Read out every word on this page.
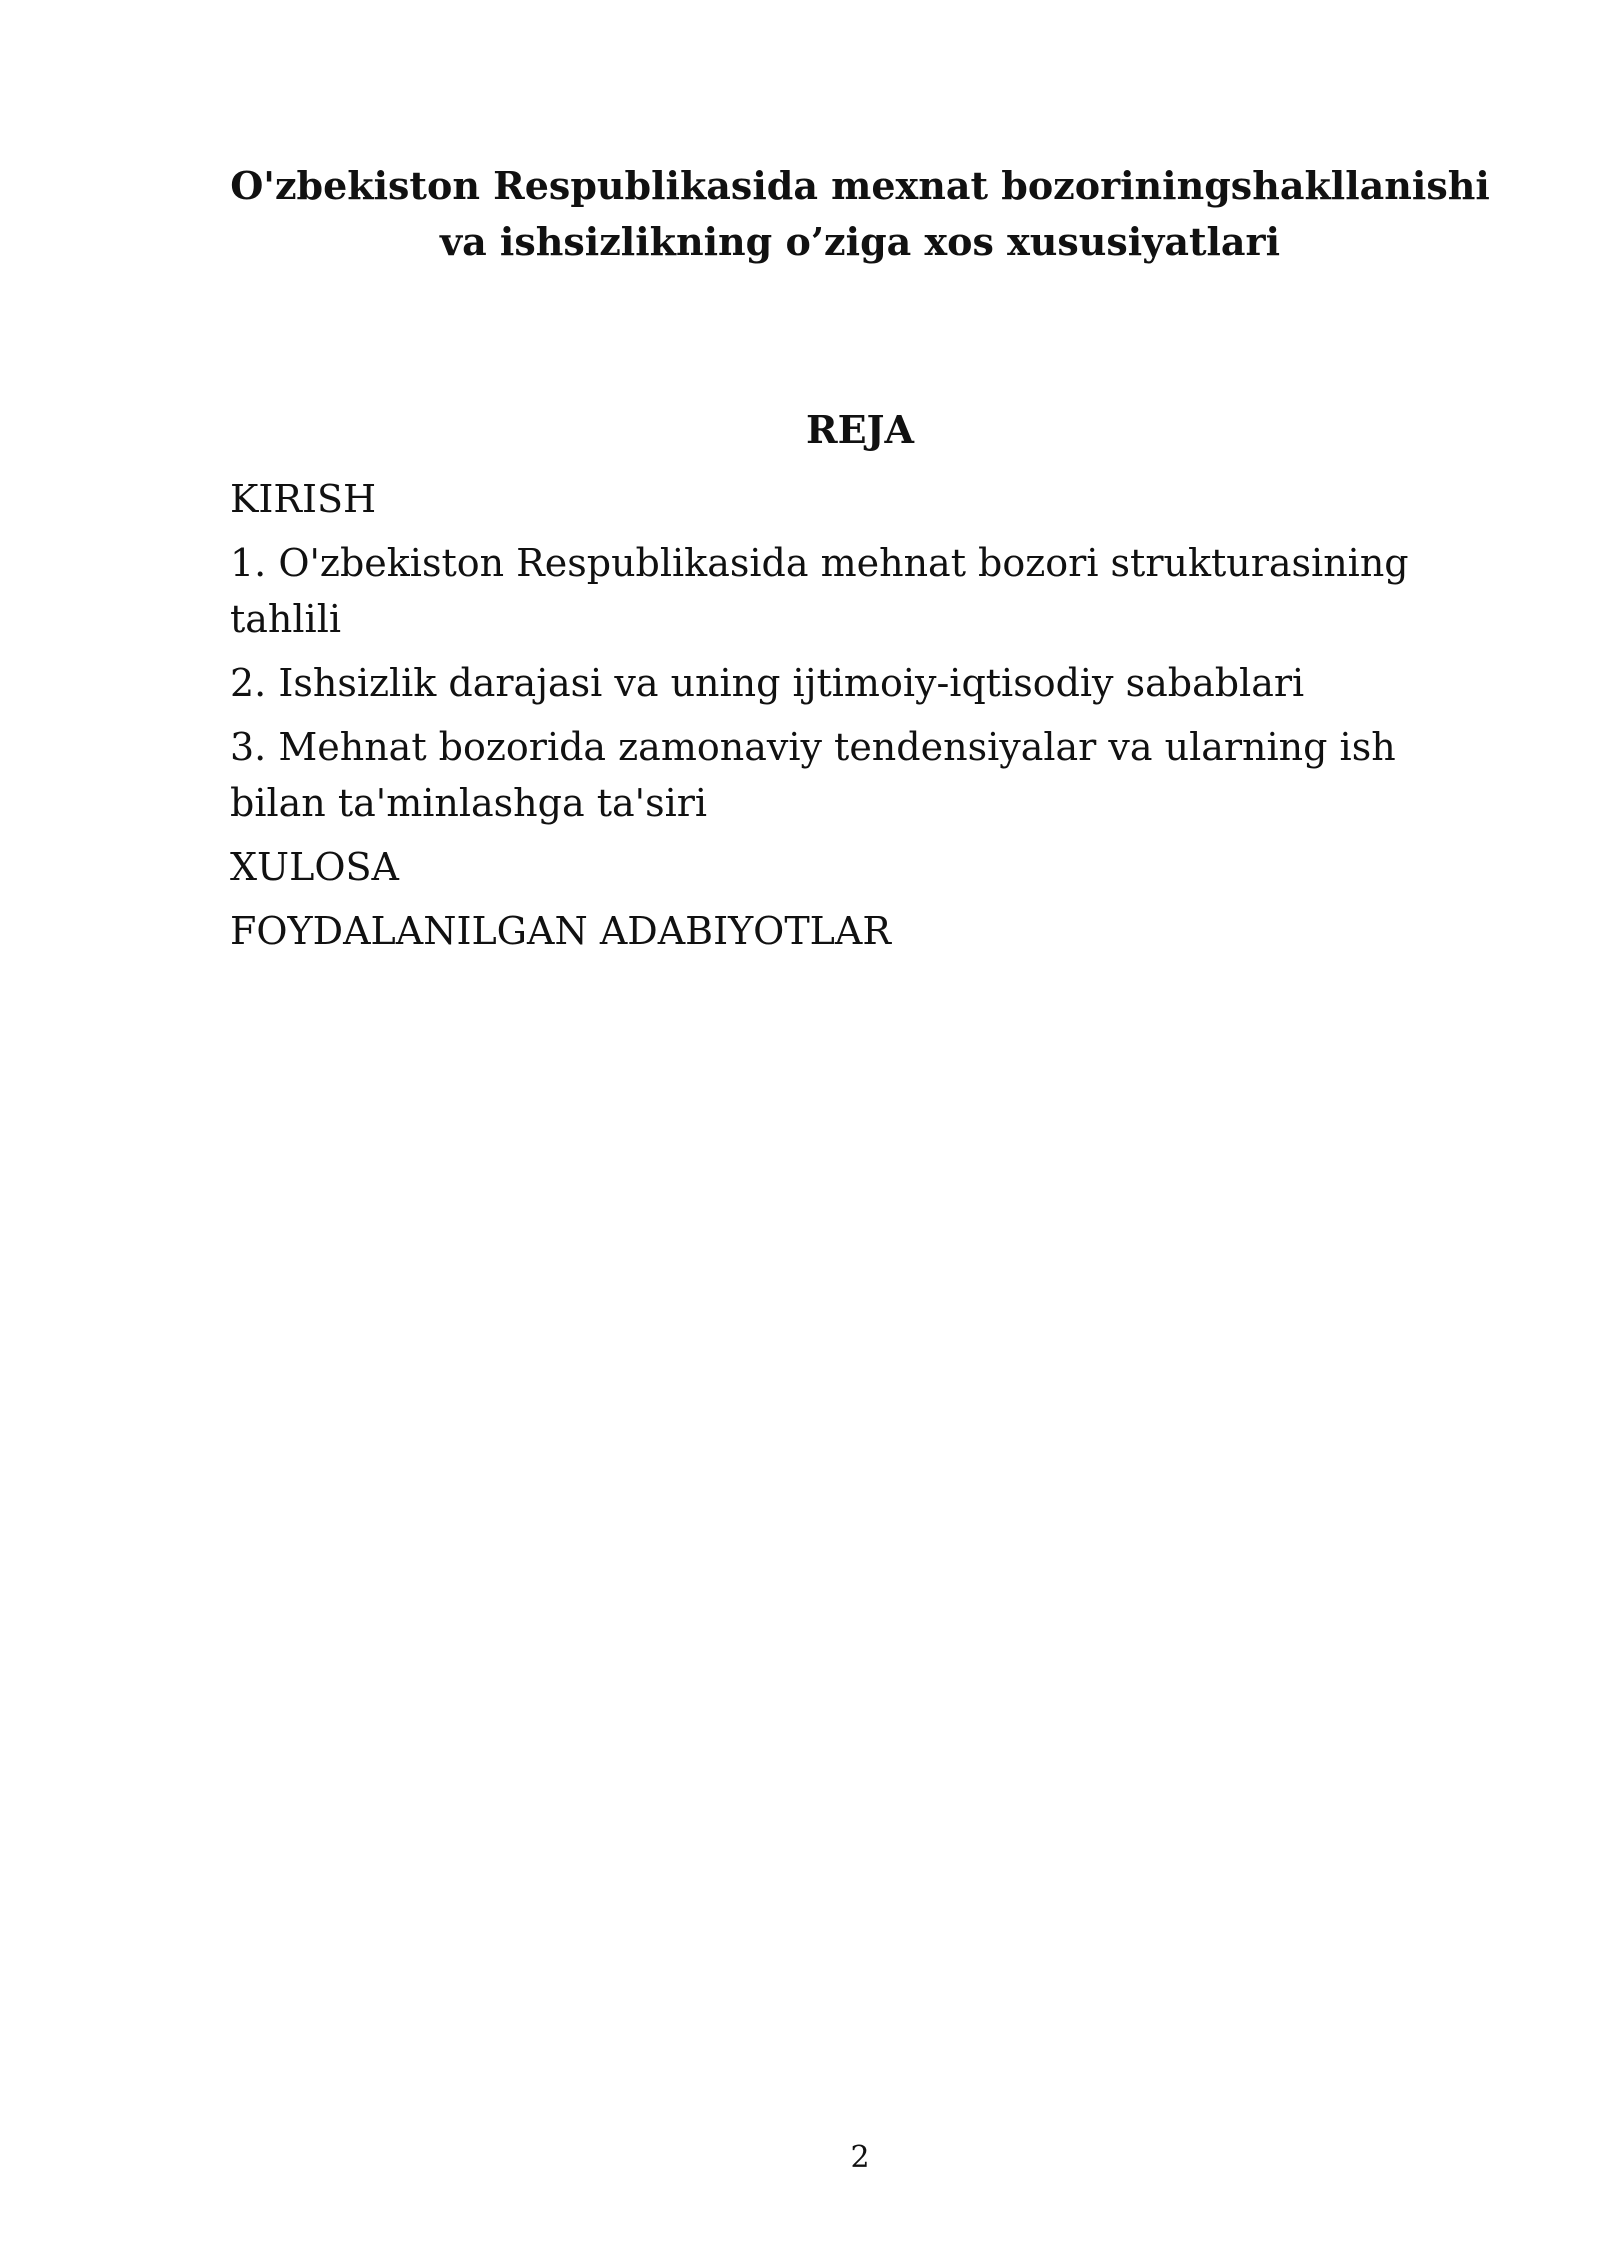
O'zbekiston Respublikasida mexnat bozoriningshakllanishi
va ishsizlikning o’ziga xos xususiyatlari
REJA
KIRISH
1. O'zbekiston Respublikasida mehnat bozori strukturasining tahlili
2. Ishsizlik darajasi va uning ijtimoiy-iqtisodiy sabablari
3. Mehnat bozorida zamonaviy tendensiyalar va ularning ish bilan ta'minlashga ta'siri
XULOSA
FOYDALANILGAN ADABIYOTLAR
2
